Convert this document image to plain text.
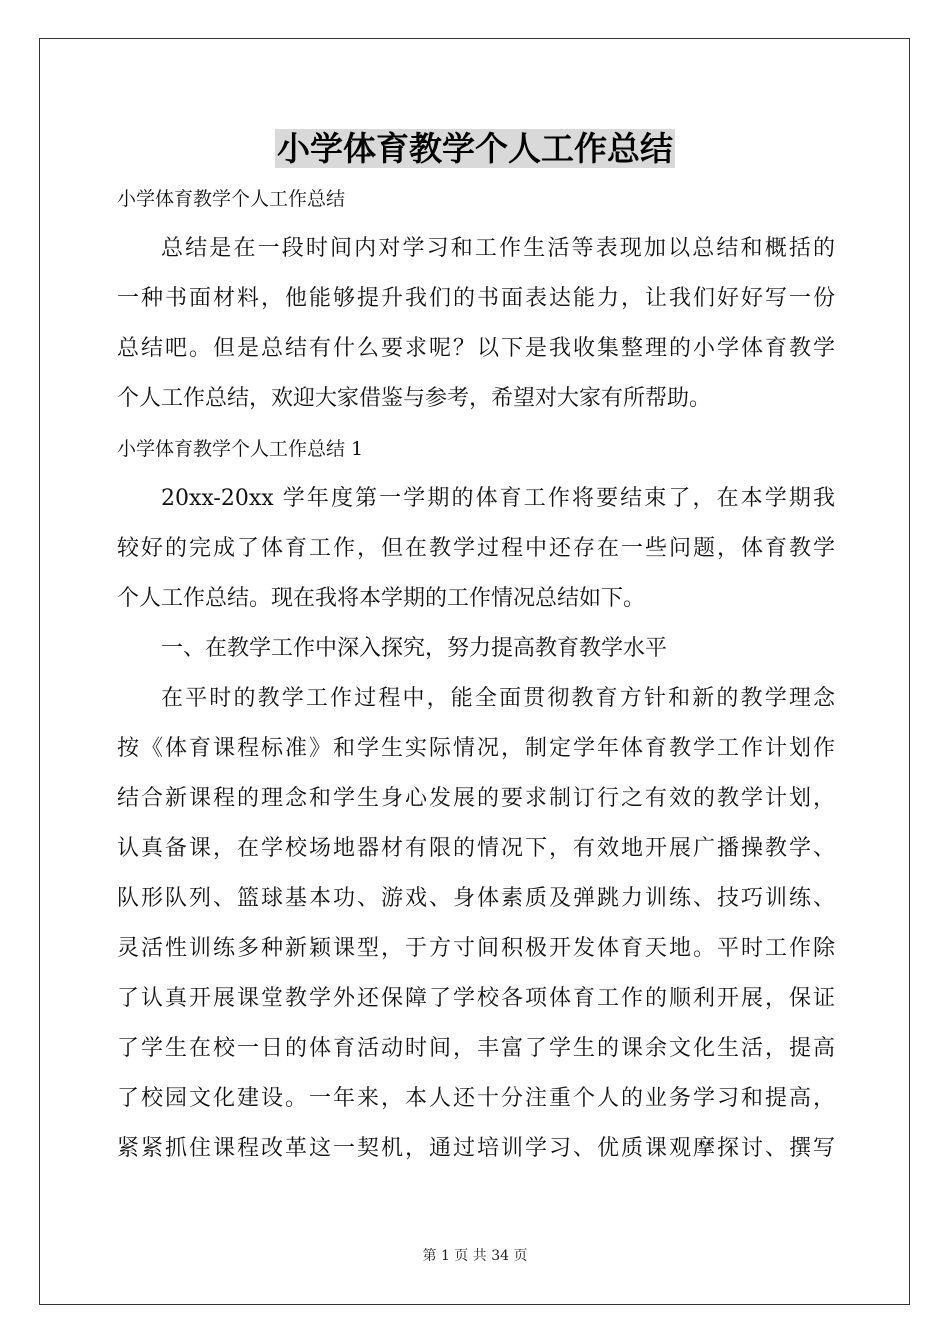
小学体育教学个人工作总结
小学体育教学个人工作总结
总结是在一段时间内对学习和工作生活等表现加以总结和概括的
一种书面材料，他能够提升我们的书面表达能力，让我们好好写一份
总结吧。但是总结有什么要求呢？以下是我收集整理的小学体育教学
个人工作总结，欢迎大家借鉴与参考，希望对大家有所帮助。
小学体育教学个人工作总结 1
20xx-20xx 学年度第一学期的体育工作将要结束了，在本学期我
较好的完成了体育工作，但在教学过程中还存在一些问题，体育教学
个人工作总结。现在我将本学期的工作情况总结如下。
一、在教学工作中深入探究，努力提高教育教学水平
在平时的教学工作过程中，能全面贯彻教育方针和新的教学理念
按《体育课程标准》和学生实际情况，制定学年体育教学工作计划作
结合新课程的理念和学生身心发展的要求制订行之有效的教学计划，
认真备课，在学校场地器材有限的情况下，有效地开展广播操教学、
队形队列、篮球基本功、游戏、身体素质及弹跳力训练、技巧训练、
灵活性训练多种新颖课型，于方寸间积极开发体育天地。平时工作除
了认真开展课堂教学外还保障了学校各项体育工作的顺利开展，保证
了学生在校一日的体育活动时间，丰富了学生的课余文化生活，提高
了校园文化建设。一年来，本人还十分注重个人的业务学习和提高，
紧紧抓住课程改革这一契机，通过培训学习、优质课观摩探讨、撰写
第 1 页 共 34 页
